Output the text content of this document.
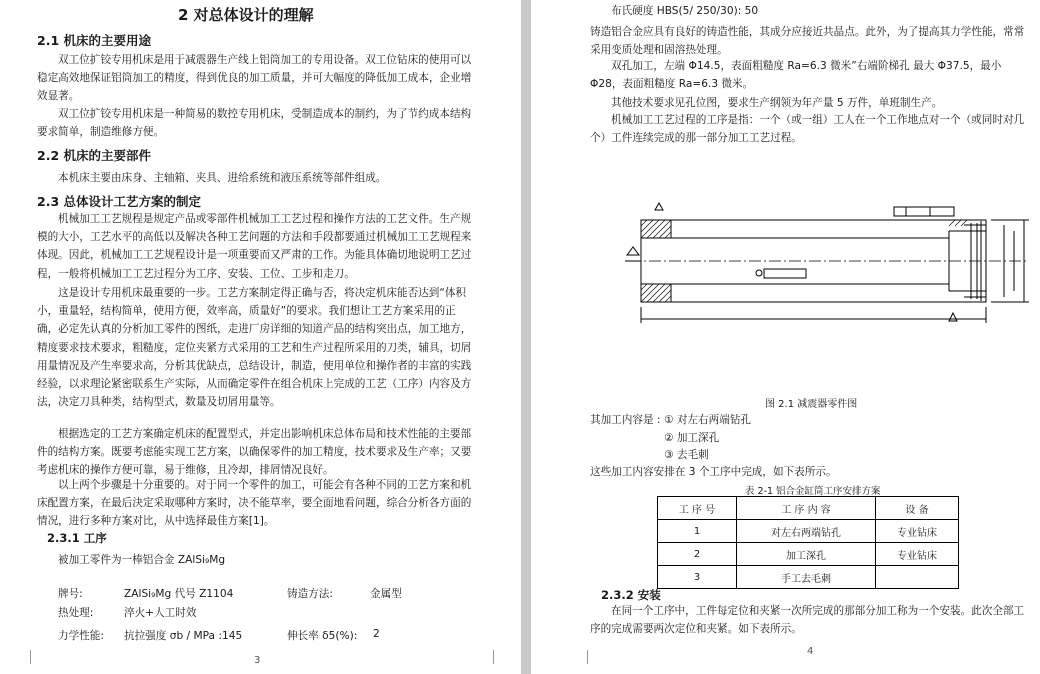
2 对总体设计的理解
2.1 机床的主要用途
双工位扩铰专用机床是用于减震器生产线上铝筒加工的专用设备。双工位钻床的使用可以稳定高效地保证铝筒加工的精度，得到优良的加工质量，并可大幅度的降低加工成本，企业增效显著。
双工位扩铰专用机床是一种简易的数控专用机床，受制造成本的制约，为了节约成本结构要求简单，制造维修方便。
2.2 机床的主要部件
本机床主要由床身、主轴箱、夹具、进给系统和液压系统等部件组成。
2.3 总体设计工艺方案的制定
机械加工工艺规程是规定产品或零部件机械加工工艺过程和操作方法的工艺文件。生产规模的大小，工艺水平的高低以及解决各种工艺问题的方法和手段都要通过机械加工工艺规程来体现。因此，机械加工工艺规程设计是一项重要而又严肃的工作。为能具体确切地说明工艺过程，一般将机械加工工艺过程分为工序、安装、工位、工步和走刀。
这是设计专用机床最重要的一步。工艺方案制定得正确与否，将决定机床能否达到“体积小，重量轻，结构简单，使用方便，效率高，质量好”的要求。我们想让工艺方案采用的正确，必定先认真的分析加工零件的图纸，走进厂房详细的知道产品的结构突出点，加工地方，精度要求技术要求，粗糙度，定位夹紧方式采用的工艺和生产过程所采用的刀类，辅具，切屑用量情况及产生率要求高，分析其优缺点，总结设计，制造，使用单位和操作者的丰富的实践经验，以求理论紧密联系生产实际，从而确定零件在组合机床上完成的工艺（工序）内容及方法，决定刀具种类，结构型式，数量及切屑用量等。
根据选定的工艺方案确定机床的配置型式，并定出影响机床总体布局和技术性能的主要部件的结构方案。既要考虑能实现工艺方案，以确保零件的加工精度，技术要求及生产率；又要考虑机床的操作方便可靠，易于维修，且冷却，排屑情况良好。
以上两个步骤是十分重要的。对于同一个零件的加工，可能会有各种不同的工艺方案和机床配置方案，在最后決定采取哪种方案时，决不能草率，要全面地看问题，综合分析各方面的情况，进行多种方案对比，从中选择最佳方案[1]。
2.3.1 工序
被加工零件为一棒铝合金 ZAlSi₉Mg
牌号:	ZAlSi₉Mg 代号 Z1104	铸造方法:	金属型
热处理:	淬火+人工时效
力学性能: 抗拉强度 σb / MPa :145	伸长率 δ5(%): 2
3
布氏硬度 HBS(5/ 250/30): 50
铸造铝合金应具有良好的铸造性能，其成分应接近共晶点。此外，为了提高其力学性能，常常采用变质处理和固溶热处理。
双孔加工，左端 Φ14.5，表面粗糙度 Ra=6.3 微米”右端阶梯孔 最大 Φ37.5，最小 Φ28，表面粗糙度 Ra=6.3 微米。
其他技术要求见孔位图，要求生产纲领为年产量 5 万件，单班制生产。
机械加工工艺过程的工序是指：一个（或一组）工人在一个工作地点对一个（或同时对几个）工件连续完成的那一部分加工工艺过程。
图 2.1 减震器零件图
其加工内容是 : ① 对左右两端钻孔
② 加工深孔
③ 去毛刺
这些加工内容安排在 3 个工序中完成，如下表所示。
表 2-1 铝合金缸筒工序安排方案
工 序 号	工 序 内 容	设 备
1	对左右两端钻孔	专业钻床
2	加工深孔	专业钻床
3	手工去毛刺	
2.3.2 安装
在同一个工序中，工件每定位和夹紧一次所完成的那部分加工称为一个安装。此次全部工序的完成需要两次定位和夹紧。如下表所示。
4
